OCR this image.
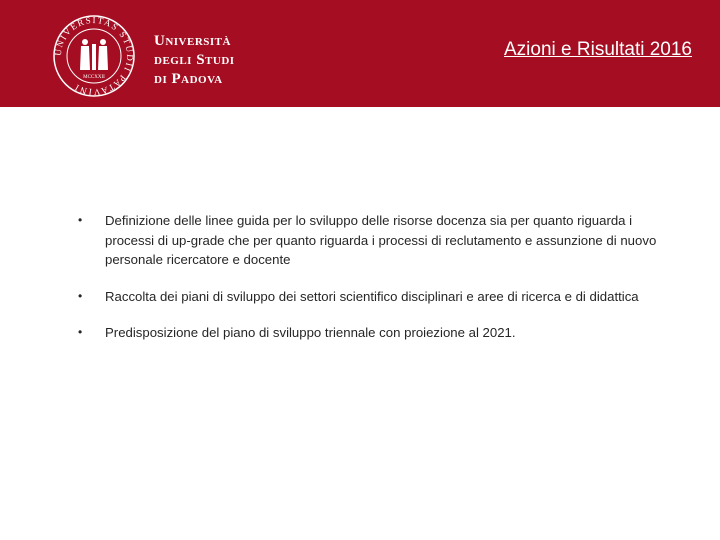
UNIVERSITAS STUDII PATAVINI
MCCXXII
Università
degli Studi
di Padova
Azioni e Risultati 2016
• Definizione delle linee guida per lo sviluppo delle risorse docenza sia per quanto riguarda i processi di up-grade che per quanto riguarda i processi di reclutamento e assunzione di nuovo personale ricercatore e docente
• Raccolta dei piani di sviluppo dei settori scientifico disciplinari e aree di ricerca e di didattica
• Predisposizione del piano di sviluppo triennale con proiezione al 2021.
